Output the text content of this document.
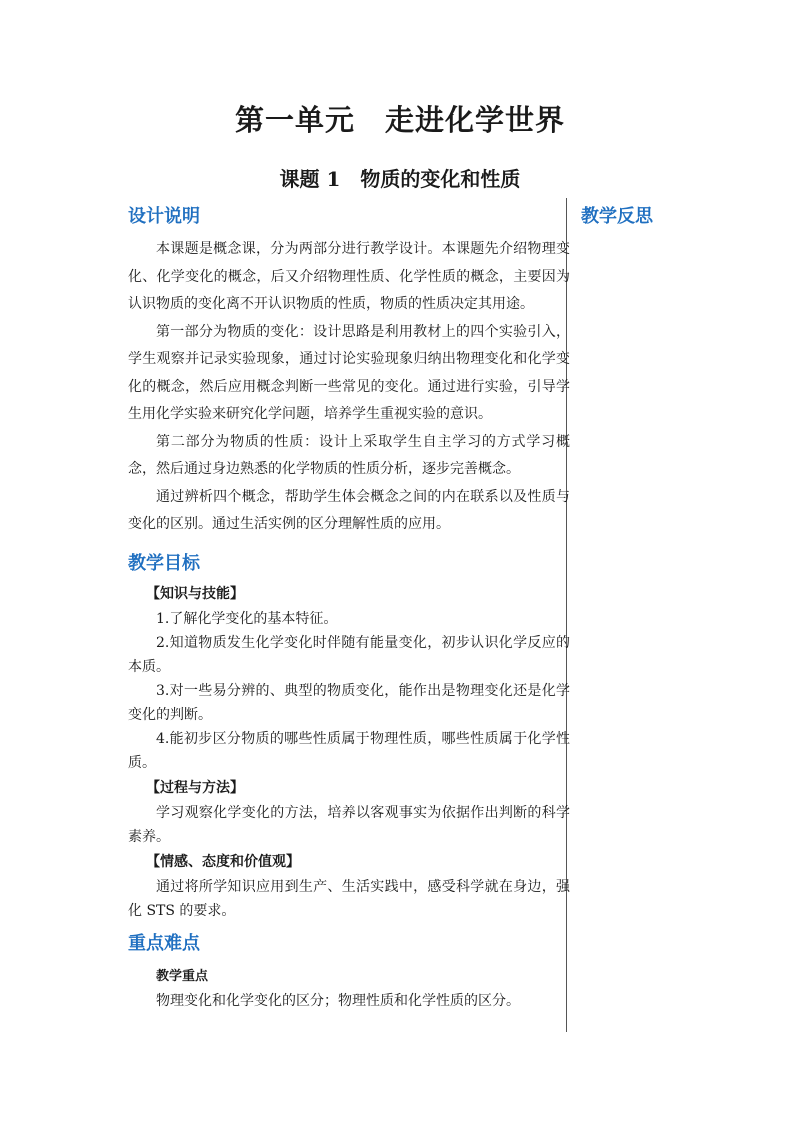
第一单元　走进化学世界
课题 1　物质的变化和性质
设计说明

本课题是概念课，分为两部分进行教学设计。本课题先介绍物理变化、化学变化的概念，后又介绍物理性质、化学性质的概念，主要因为认识物质的变化离不开认识物质的性质，物质的性质决定其用途。

第一部分为物质的变化：设计思路是利用教材上的四个实验引入，学生观察并记录实验现象，通过讨论实验现象归纳出物理变化和化学变化的概念，然后应用概念判断一些常见的变化。通过进行实验，引导学生用化学实验来研究化学问题，培养学生重视实验的意识。

第二部分为物质的性质：设计上采取学生自主学习的方式学习概念，然后通过身边熟悉的化学物质的性质分析，逐步完善概念。

通过辨析四个概念，帮助学生体会概念之间的内在联系以及性质与变化的区别。通过生活实例的区分理解性质的应用。

教学目标

【知识与技能】

1.了解化学变化的基本特征。

2.知道物质发生化学变化时伴随有能量变化，初步认识化学反应的本质。

3.对一些易分辨的、典型的物质变化，能作出是物理变化还是化学变化的判断。

4.能初步区分物质的哪些性质属于物理性质，哪些性质属于化学性质。

【过程与方法】

学习观察化学变化的方法，培养以客观事实为依据作出判断的科学素养。

【情感、态度和价值观】

通过将所学知识应用到生产、生活实践中，感受科学就在身边，强化 STS 的要求。

重点难点

教学重点

物理变化和化学变化的区分；物理性质和化学性质的区分。

教学反思
